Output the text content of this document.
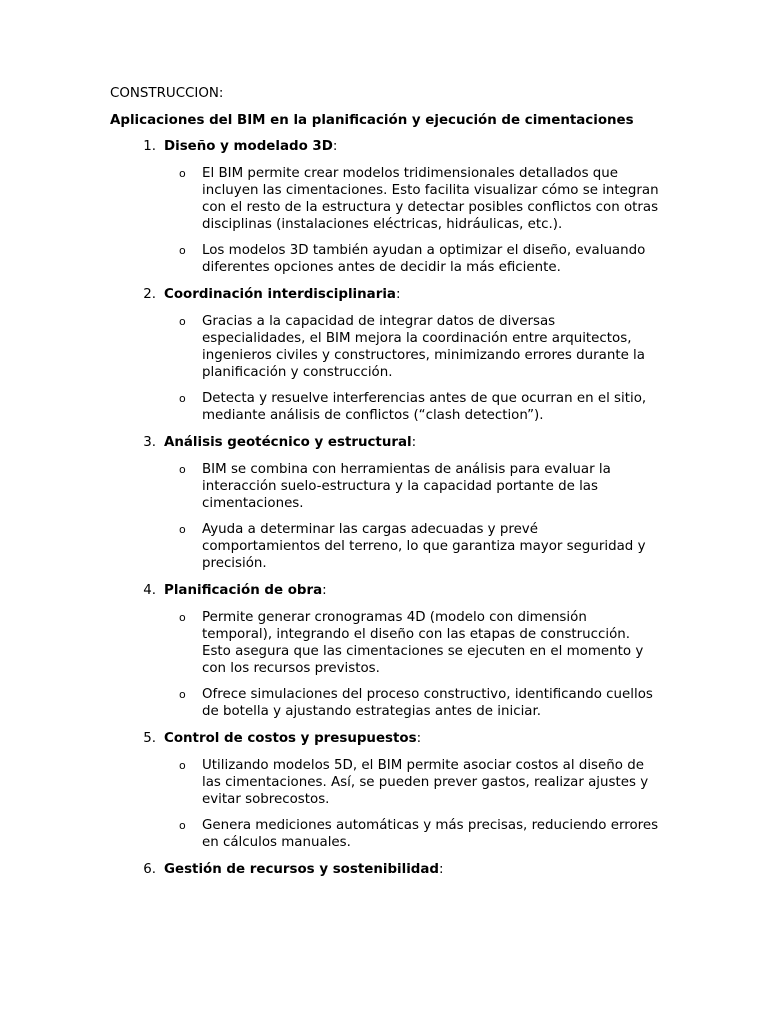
CONSTRUCCION:
Aplicaciones del BIM en la planificación y ejecución de cimentaciones
1. Diseño y modelado 3D:
o	El BIM permite crear modelos tridimensionales detallados que incluyen las cimentaciones. Esto facilita visualizar cómo se integran con el resto de la estructura y detectar posibles conflictos con otras disciplinas (instalaciones eléctricas, hidráulicas, etc.).
o	Los modelos 3D también ayudan a optimizar el diseño, evaluando diferentes opciones antes de decidir la más eficiente.
2. Coordinación interdisciplinaria:
o	Gracias a la capacidad de integrar datos de diversas especialidades, el BIM mejora la coordinación entre arquitectos, ingenieros civiles y constructores, minimizando errores durante la planificación y construcción.
o	Detecta y resuelve interferencias antes de que ocurran en el sitio, mediante análisis de conflictos (“clash detection”).
3. Análisis geotécnico y estructural:
o	BIM se combina con herramientas de análisis para evaluar la interacción suelo-estructura y la capacidad portante de las cimentaciones.
o	Ayuda a determinar las cargas adecuadas y prevé comportamientos del terreno, lo que garantiza mayor seguridad y precisión.
4. Planificación de obra:
o	Permite generar cronogramas 4D (modelo con dimensión temporal), integrando el diseño con las etapas de construcción. Esto asegura que las cimentaciones se ejecuten en el momento y con los recursos previstos.
o	Ofrece simulaciones del proceso constructivo, identificando cuellos de botella y ajustando estrategias antes de iniciar.
5. Control de costos y presupuestos:
o	Utilizando modelos 5D, el BIM permite asociar costos al diseño de las cimentaciones. Así, se pueden prever gastos, realizar ajustes y evitar sobrecostos.
o	Genera mediciones automáticas y más precisas, reduciendo errores en cálculos manuales.
6. Gestión de recursos y sostenibilidad:
